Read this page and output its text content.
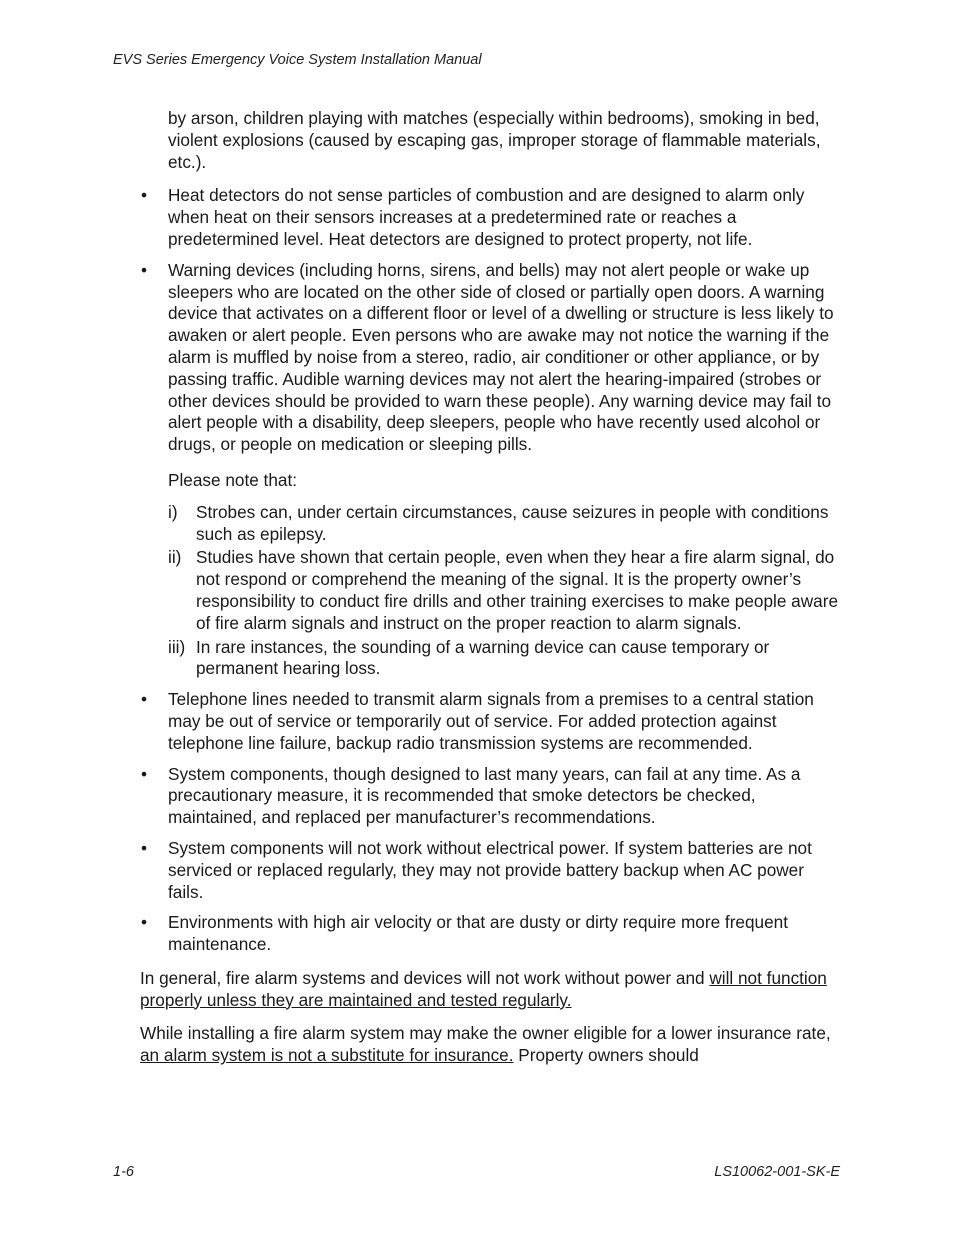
EVS Series Emergency Voice System Installation Manual

by arson, children playing with matches (especially within bedrooms), smoking in bed, violent explosions (caused by escaping gas, improper storage of flammable materials, etc.).

• Heat detectors do not sense particles of combustion and are designed to alarm only when heat on their sensors increases at a predetermined rate or reaches a predetermined level. Heat detectors are designed to protect property, not life.
• Warning devices (including horns, sirens, and bells) may not alert people or wake up sleepers who are located on the other side of closed or partially open doors. A warning device that activates on a different floor or level of a dwelling or structure is less likely to awaken or alert people. Even persons who are awake may not notice the warning if the alarm is muffled by noise from a stereo, radio, air conditioner or other appliance, or by passing traffic. Audible warning devices may not alert the hearing-impaired (strobes or other devices should be provided to warn these people). Any warning device may fail to alert people with a disability, deep sleepers, people who have recently used alcohol or drugs, or people on medication or sleeping pills.

Please note that:

i) Strobes can, under certain circumstances, cause seizures in people with conditions such as epilepsy.
ii) Studies have shown that certain people, even when they hear a fire alarm signal, do not respond or comprehend the meaning of the signal. It is the property owner’s responsibility to conduct fire drills and other training exercises to make people aware of fire alarm signals and instruct on the proper reaction to alarm signals.
iii) In rare instances, the sounding of a warning device can cause temporary or permanent hearing loss.
• Telephone lines needed to transmit alarm signals from a premises to a central station may be out of service or temporarily out of service. For added protection against telephone line failure, backup radio transmission systems are recommended.
• System components, though designed to last many years, can fail at any time. As a precautionary measure, it is recommended that smoke detectors be checked, maintained, and replaced per manufacturer’s recommendations.
• System components will not work without electrical power. If system batteries are not serviced or replaced regularly, they may not provide battery backup when AC power fails.
• Environments with high air velocity or that are dusty or dirty require more frequent maintenance.

In general, fire alarm systems and devices will not work without power and will not function properly unless they are maintained and tested regularly.

While installing a fire alarm system may make the owner eligible for a lower insurance rate, an alarm system is not a substitute for insurance. Property owners should

1-6	LS10062-001-SK-E
